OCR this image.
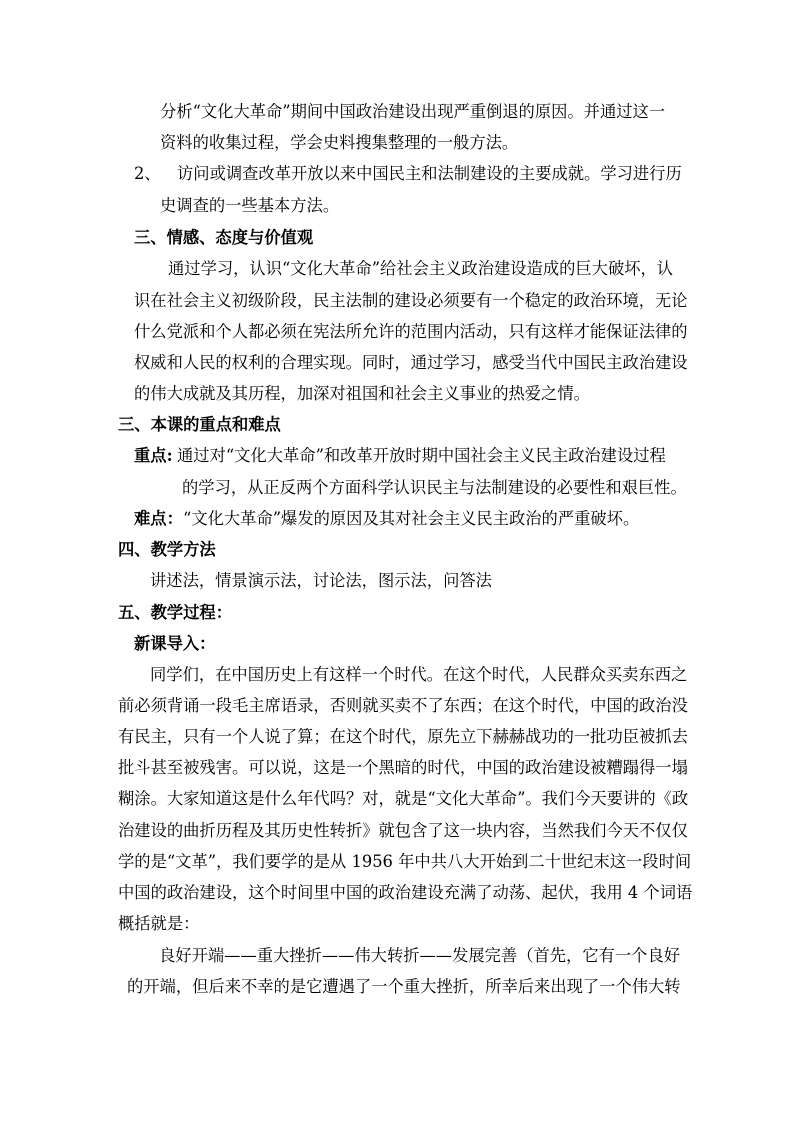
分析“文化大革命”期间中国政治建设出现严重倒退的原因。并通过这一
资料的收集过程，学会史料搜集整理的一般方法。
2、 访问或调查改革开放以来中国民主和法制建设的主要成就。学习进行历
史调查的一些基本方法。
三、情感、态度与价值观
通过学习，认识“文化大革命”给社会主义政治建设造成的巨大破坏，认
识在社会主义初级阶段，民主法制的建设必须要有一个稳定的政治环境，无论
什么党派和个人都必须在宪法所允许的范围内活动，只有这样才能保证法律的
权威和人民的权利的合理实现。同时，通过学习，感受当代中国民主政治建设
的伟大成就及其历程，加深对祖国和社会主义事业的热爱之情。
三、本课的重点和难点
重点: 通过对“文化大革命”和改革开放时期中国社会主义民主政治建设过程
的学习，从正反两个方面科学认识民主与法制建设的必要性和艰巨性。
难点： “文化大革命”爆发的原因及其对社会主义民主政治的严重破坏。
四、教学方法
讲述法，情景演示法，讨论法，图示法，问答法
五、教学过程：
新课导入：
同学们，在中国历史上有这样一个时代。在这个时代，人民群众买卖东西之
前必须背诵一段毛主席语录，否则就买卖不了东西；在这个时代，中国的政治没
有民主，只有一个人说了算；在这个时代，原先立下赫赫战功的一批功臣被抓去
批斗甚至被残害。可以说，这是一个黑暗的时代，中国的政治建设被糟蹋得一塌
糊涂。大家知道这是什么年代吗？对，就是“文化大革命”。我们今天要讲的《政
治建设的曲折历程及其历史性转折》就包含了这一块内容，当然我们今天不仅仅
学的是“文革”，我们要学的是从 1956 年中共八大开始到二十世纪末这一段时间
中国的政治建设，这个时间里中国的政治建设充满了动荡、起伏，我用 4 个词语
概括就是：
良好开端——重大挫折——伟大转折——发展完善（首先，它有一个良好
的开端，但后来不幸的是它遭遇了一个重大挫折，所幸后来出现了一个伟大转
